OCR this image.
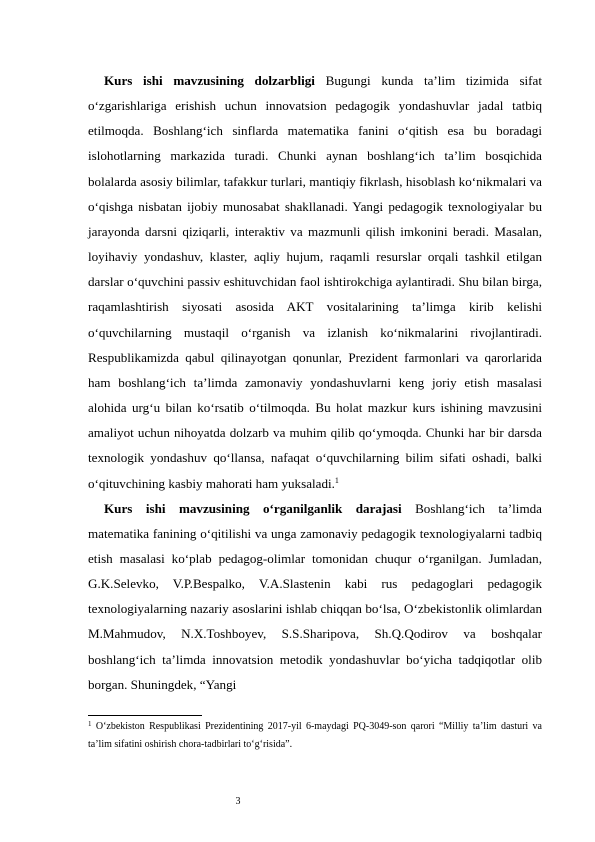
Kurs ishi mavzusining dolzarbligi Bugungi kunda ta’lim tizimida sifat o‘zgarishlariga erishish uchun innovatsion pedagogik yondashuvlar jadal tatbiq etilmoqda. Boshlang‘ich sinflarda matematika fanini o‘qitish esa bu boradagi islohotlarning markazida turadi. Chunki aynan boshlang‘ich ta’lim bosqichida bolalarda asosiy bilimlar, tafakkur turlari, mantiqiy fikrlash, hisoblash ko‘nikmalari va o‘qishga nisbatan ijobiy munosabat shakllanadi. Yangi pedagogik texnologiyalar bu jarayonda darsni qiziqarli, interaktiv va mazmunli qilish imkonini beradi. Masalan, loyihaviy yondashuv, klaster, aqliy hujum, raqamli resurslar orqali tashkil etilgan darslar o‘quvchini passiv eshituvchidan faol ishtirokchiga aylantiradi. Shu bilan birga, raqamlashtirish siyosati asosida AKT vositalarining ta’limga kirib kelishi o‘quvchilarning mustaqil o‘rganish va izlanish ko‘nikmalarini rivojlantiradi. Respublikamizda qabul qilinayotgan qonunlar, Prezident farmonlari va qarorlarida ham boshlang‘ich ta’limda zamonaviy yondashuvlarni keng joriy etish masalasi alohida urg‘u bilan ko‘rsatib o‘tilmoqda. Bu holat mazkur kurs ishining mavzusini amaliyot uchun nihoyatda dolzarb va muhim qilib qo‘ymoqda. Chunki har bir darsda texnologik yondashuv qo‘llansa, nafaqat o‘quvchilarning bilim sifati oshadi, balki o‘qituvchining kasbiy mahorati ham yuksaladi.$^1$

Kurs ishi mavzusining o‘rganilganlik darajasi Boshlang‘ich ta’limda matematika fanining o‘qitilishi va unga zamonaviy pedagogik texnologiyalarni tadbiq etish masalasi ko‘plab pedagog-olimlar tomonidan chuqur o‘rganilgan. Jumladan, G.K.Selevko, V.P.Bespalko, V.A.Slastenin kabi rus pedagoglari pedagogik texnologiyalarning nazariy asoslarini ishlab chiqqan bo‘lsa, O‘zbekistonlik olimlardan M.Mahmudov, N.X.Toshboyev, S.S.Sharipova, Sh.Q.Qodirov va boshqalar boshlang‘ich ta’limda innovatsion metodik yondashuvlar bo‘yicha tadqiqotlar olib borgan. Shuningdek, “Yangi

$^1$ O‘zbekiston Respublikasi Prezidentining 2017-yil 6-maydagi PQ-3049-son qarori “Milliy ta’lim dasturi va ta’lim sifatini oshirish chora-tadbirlari to‘g‘risida”.

3
